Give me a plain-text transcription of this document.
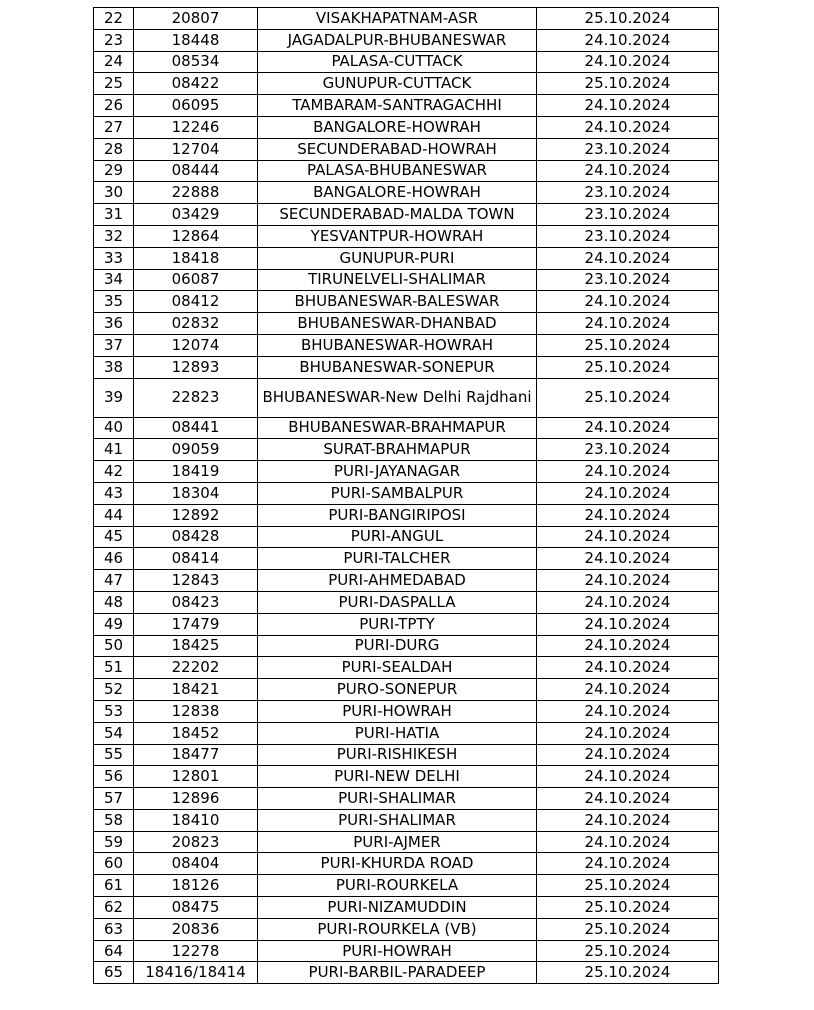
22	20807	VISAKHAPATNAM-ASR	25.10.2024
23	18448	JAGADALPUR-BHUBANESWAR	24.10.2024
24	08534	PALASA-CUTTACK	24.10.2024
25	08422	GUNUPUR-CUTTACK	25.10.2024
26	06095	TAMBARAM-SANTRAGACHHI	24.10.2024
27	12246	BANGALORE-HOWRAH	24.10.2024
28	12704	SECUNDERABAD-HOWRAH	23.10.2024
29	08444	PALASA-BHUBANESWAR	24.10.2024
30	22888	BANGALORE-HOWRAH	23.10.2024
31	03429	SECUNDERABAD-MALDA TOWN	23.10.2024
32	12864	YESVANTPUR-HOWRAH	23.10.2024
33	18418	GUNUPUR-PURI	24.10.2024
34	06087	TIRUNELVELI-SHALIMAR	23.10.2024
35	08412	BHUBANESWAR-BALESWAR	24.10.2024
36	02832	BHUBANESWAR-DHANBAD	24.10.2024
37	12074	BHUBANESWAR-HOWRAH	25.10.2024
38	12893	BHUBANESWAR-SONEPUR	25.10.2024
39	22823	BHUBANESWAR-New Delhi Rajdhani	25.10.2024
40	08441	BHUBANESWAR-BRAHMAPUR	24.10.2024
41	09059	SURAT-BRAHMAPUR	23.10.2024
42	18419	PURI-JAYANAGAR	24.10.2024
43	18304	PURI-SAMBALPUR	24.10.2024
44	12892	PURI-BANGIRIPOSI	24.10.2024
45	08428	PURI-ANGUL	24.10.2024
46	08414	PURI-TALCHER	24.10.2024
47	12843	PURI-AHMEDABAD	24.10.2024
48	08423	PURI-DASPALLA	24.10.2024
49	17479	PURI-TPTY	24.10.2024
50	18425	PURI-DURG	24.10.2024
51	22202	PURI-SEALDAH	24.10.2024
52	18421	PURO-SONEPUR	24.10.2024
53	12838	PURI-HOWRAH	24.10.2024
54	18452	PURI-HATIA	24.10.2024
55	18477	PURI-RISHIKESH	24.10.2024
56	12801	PURI-NEW DELHI	24.10.2024
57	12896	PURI-SHALIMAR	24.10.2024
58	18410	PURI-SHALIMAR	24.10.2024
59	20823	PURI-AJMER	24.10.2024
60	08404	PURI-KHURDA ROAD	24.10.2024
61	18126	PURI-ROURKELA	25.10.2024
62	08475	PURI-NIZAMUDDIN	25.10.2024
63	20836	PURI-ROURKELA (VB)	25.10.2024
64	12278	PURI-HOWRAH	25.10.2024
65	18416/18414	PURI-BARBIL-PARADEEP	25.10.2024
